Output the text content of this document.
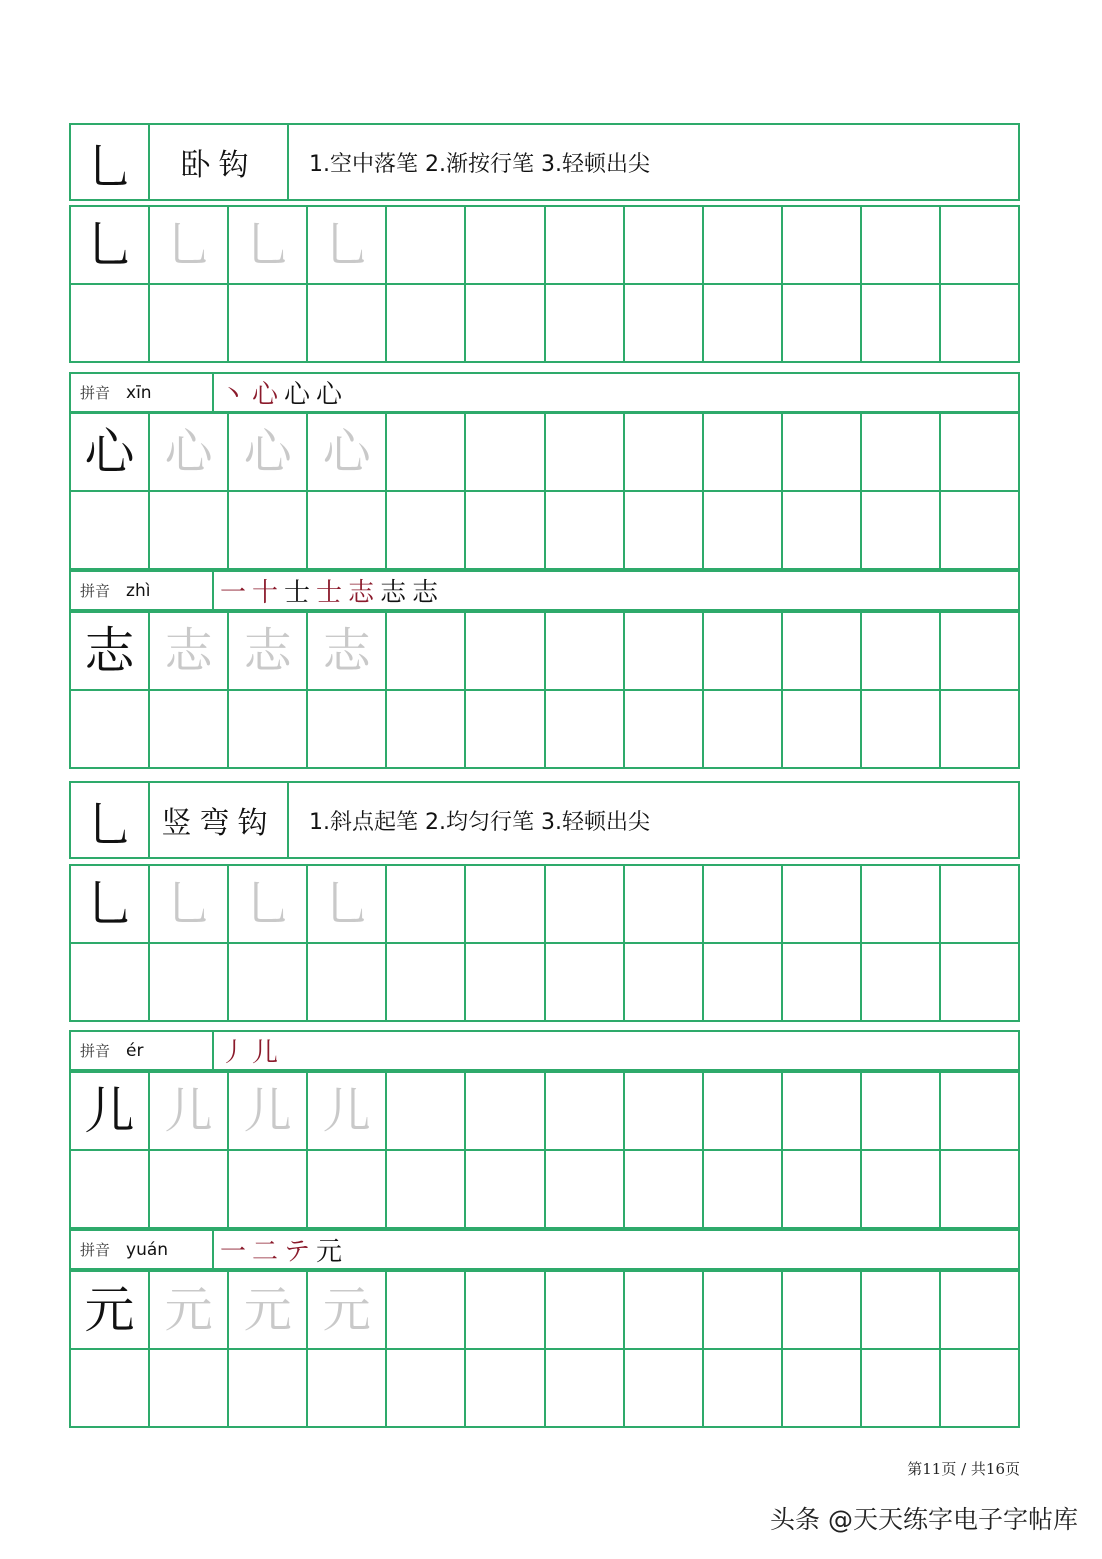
乚	卧钩	1.空中落笔 2.渐按行笔 3.轻顿出尖
乚 乚 乚 乚
拼音 xīn	丶 心 心 心
心 心 心 心
拼音 zhì	一 十 士 士 志 志 志
志 志 志 志
乚 竖弯钩	1.斜点起笔 2.均匀行笔 3.轻顿出尖
乚 乚 乚 乚
拼音 ér	丿 儿
儿 儿 儿 儿
拼音 yuán 一 二 テ 元
元 元 元 元
第11页 / 共16页
头条 @天天练字电子字帖库
